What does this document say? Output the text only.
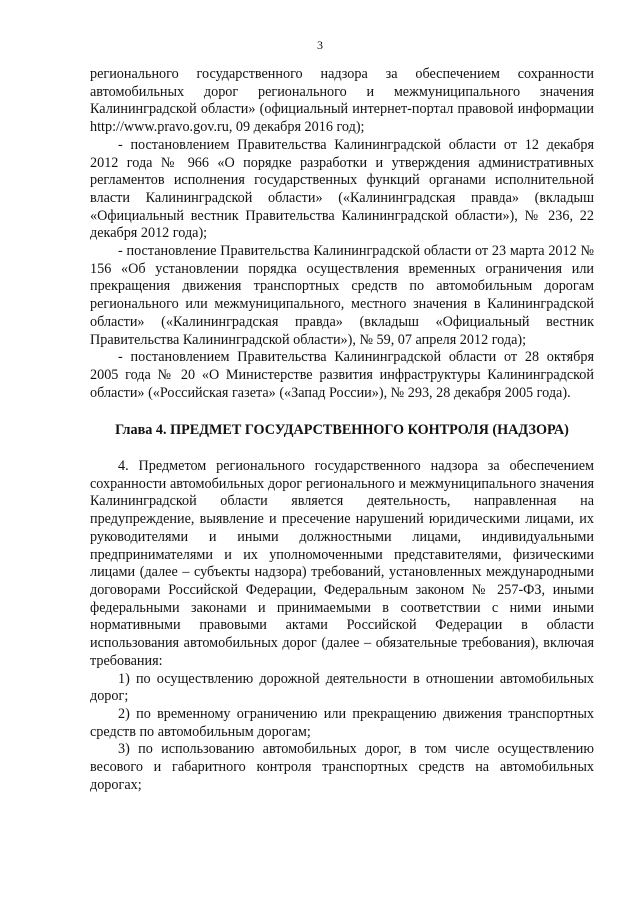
3

регионального государственного надзора за обеспечением сохранности автомобильных дорог регионального и межмуниципального значения Калининградской области» (официальный интернет-портал правовой информации http://www.pravo.gov.ru, 09 декабря 2016 год);

- постановлением Правительства Калининградской области от 12 декабря 2012 года № 966 «О порядке разработки и утверждения административных регламентов исполнения государственных функций органами исполнительной власти Калининградской области» («Калининградская правда» (вкладыш «Официальный вестник Правительства Калининградской области»), № 236, 22 декабря 2012 года);

- постановление Правительства Калининградской области от 23 марта 2012 № 156 «Об установлении порядка осуществления временных ограничения или прекращения движения транспортных средств по автомобильным дорогам регионального или межмуниципального, местного значения в Калининградской области» («Калининградская правда» (вкладыш «Официальный вестник Правительства Калининградской области»), № 59, 07 апреля 2012 года);

- постановлением Правительства Калининградской области от 28 октября 2005 года № 20 «О Министерстве развития инфраструктуры Калининградской области» («Российская газета» («Запад России»), № 293, 28 декабря 2005 года).

Глава 4. ПРЕДМЕТ ГОСУДАРСТВЕННОГО КОНТРОЛЯ (НАДЗОРА)

4. Предметом регионального государственного надзора за обеспечением сохранности автомобильных дорог регионального и межмуниципального значения Калининградской области является деятельность, направленная на предупреждение, выявление и пресечение нарушений юридическими лицами, их руководителями и иными должностными лицами, индивидуальными предпринимателями и их уполномоченными представителями, физическими лицами (далее – субъекты надзора) требований, установленных международными договорами Российской Федерации, Федеральным законом № 257-ФЗ, иными федеральными законами и принимаемыми в соответствии с ними иными нормативными правовыми актами Российской Федерации в области использования автомобильных дорог (далее – обязательные требования), включая требования:

1) по осуществлению дорожной деятельности в отношении автомобильных дорог;

2) по временному ограничению или прекращению движения транспортных средств по автомобильным дорогам;

3) по использованию автомобильных дорог, в том числе осуществлению весового и габаритного контроля транспортных средств на автомобильных дорогах;
